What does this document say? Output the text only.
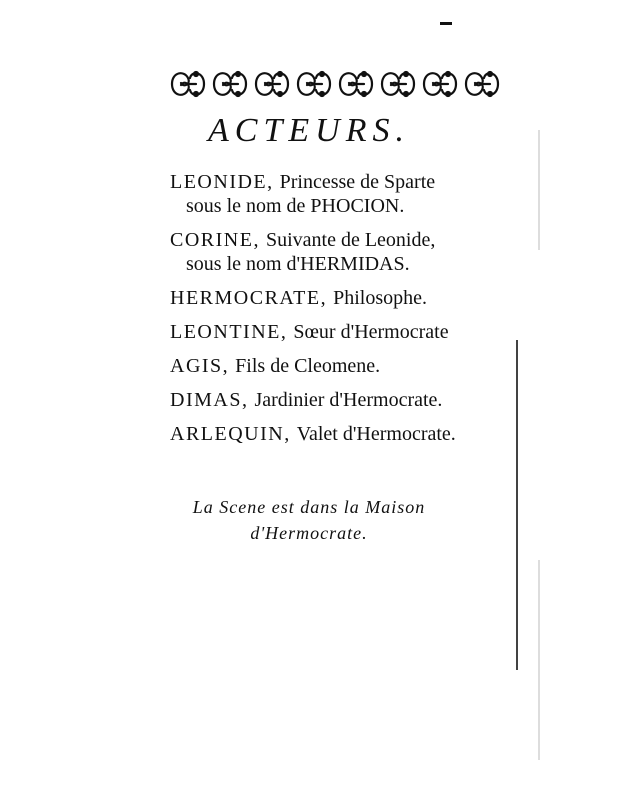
ACTEURS.
LEONIDE, Princesse de Sparte
sous le nom de PHOCION.
CORINE, Suivante de Leonide,
sous le nom d'HERMIDAS.
HERMOCRATE, Philosophe.
LEONTINE, Sœur d'Hermocrate
AGIS, Fils de Cleomene.
DIMAS, Jardinier d'Hermocrate.
ARLEQUIN, Valet d'Hermocrate.
La Scene est dans la Maison
d'Hermocrate.
